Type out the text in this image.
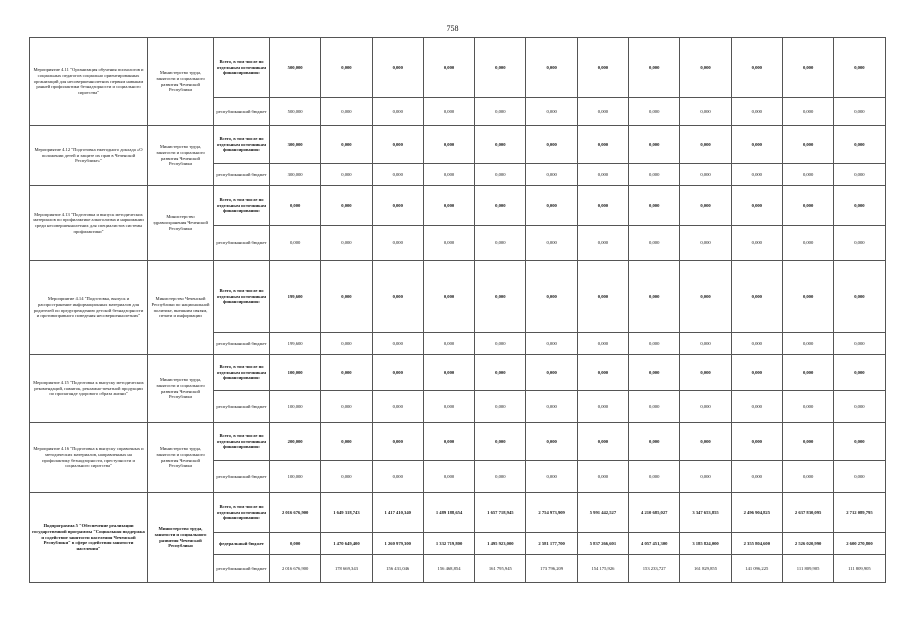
758
Мероприятие 4.11 "Организация обучения психологов и социальных педагогов социально ориентированных организаций для несовершеннолетних первым навыкам ранней профилактики безнадзорности и социального сиротства"	Министерство труда, занятости и социального развития Чеченской Республики	Всего, в том числе по отдельным источникам финансирования:	500,000	0,000	0,000	0,000	0,000	0,000	0,000	0,000	0,000	0,000	0,000	0,000
		республиканский бюджет	500,000	0,000	0,000	0,000	0,000	0,000	0,000	0,000	0,000	0,000	0,000	0,000
Мероприятие 4.12 "Подготовка ежегодного доклада «О положении детей и защите их прав в Чеченской Республике»"	Министерство труда, занятости и социального развития Чеченской Республики	Всего, в том числе по отдельным источникам финансирования:	300,000	0,000	0,000	0,000	0,000	0,000	0,000	0,000	0,000	0,000	0,000	0,000
		республиканский бюджет	300,000	0,000	0,000	0,000	0,000	0,000	0,000	0,000	0,000	0,000	0,000	0,000
Мероприятие 4.13 "Подготовка и выпуск методических материалов по профилактике алкоголизма и наркомании среди несовершеннолетних для специалистов системы профилактики"	Министерство здравоохранения Чеченской Республики	Всего, в том числе по отдельным источникам финансирования:	0,000	0,000	0,000	0,000	0,000	0,000	0,000	0,000	0,000	0,000	0,000	0,000
		республиканский бюджет	0,000	0,000	0,000	0,000	0,000	0,000	0,000	0,000	0,000	0,000	0,000	0,000
Мероприятие 4.14 "Подготовка, выпуск и распространение информационных материалов для родителей по предупреждению детской безнадзорности и противоправного поведения несовершеннолетних"	Министерство Чеченской Республики по национальной политике, внешним связям, печати и информации	Всего, в том числе по отдельным источникам финансирования:	199,600	0,000	0,000	0,000	0,000	0,000	0,000	0,000	0,000	0,000	0,000	0,000
		республиканский бюджет	199,600	0,000	0,000	0,000	0,000	0,000	0,000	0,000	0,000	0,000	0,000	0,000
Мероприятие 4.15 "Подготовка к выпуску методических рекомендаций, памяток, рекламно-печатной продукции по пропаганде здорового образа жизни"	Министерство труда, занятости и социального развития Чеченской Республики	Всего, в том числе по отдельным источникам финансирования:	100,000	0,000	0,000	0,000	0,000	0,000	0,000	0,000	0,000	0,000	0,000	0,000
		республиканский бюджет	100,000	0,000	0,000	0,000	0,000	0,000	0,000	0,000	0,000	0,000	0,000	0,000
Мероприятие 4.16 "Подготовка к выпуску справочных и методических материалов, направленных на профилактику безнадзорности, преступности и социального сиротства"	Министерство труда, занятости и социального развития Чеченской Республики	Всего, в том числе по отдельным источникам финансирования:	200,000	0,000	0,000	0,000	0,000	0,000	0,000	0,000	0,000	0,000	0,000	0,000
		республиканский бюджет	100,000	0,000	0,000	0,000	0,000	0,000	0,000	0,000	0,000	0,000	0,000	0,000
Подпрограмма 5 "Обеспечение реализации государственной программы "Социальная поддержка и содействие занятости населения Чеченской Республики" в сфере содействия занятости населения"	Министерство труда, занятости и социального развития Чеченской Республики	Всего, в том числе по отдельным источникам финансирования:	2 016 676,900	1 649 318,743	1 417 410,340	1 489 188,654	1 657 718,945	2 754 973,909	5 991 442,527	4 210 685,027	3 347 653,855	2 496 904,825	2 637 830,095	2 712 089,795
		федеральный бюджет	0,000	1 470 649,400	1 260 979,300	1 332 719,800	1 495 923,000	2 581 177,700	5 837 266,601	4 057 451,300	3 185 824,000	2 355 804,600	2 526 020,990	2 600 270,800
		республиканский бюджет	2 016 676,900	178 669,343	156 431,046	156 468,854	161 795,945	173 796,209	154 175,926	153 233,727	161 829,855	141 096,225	111 809,905	111 809,905
